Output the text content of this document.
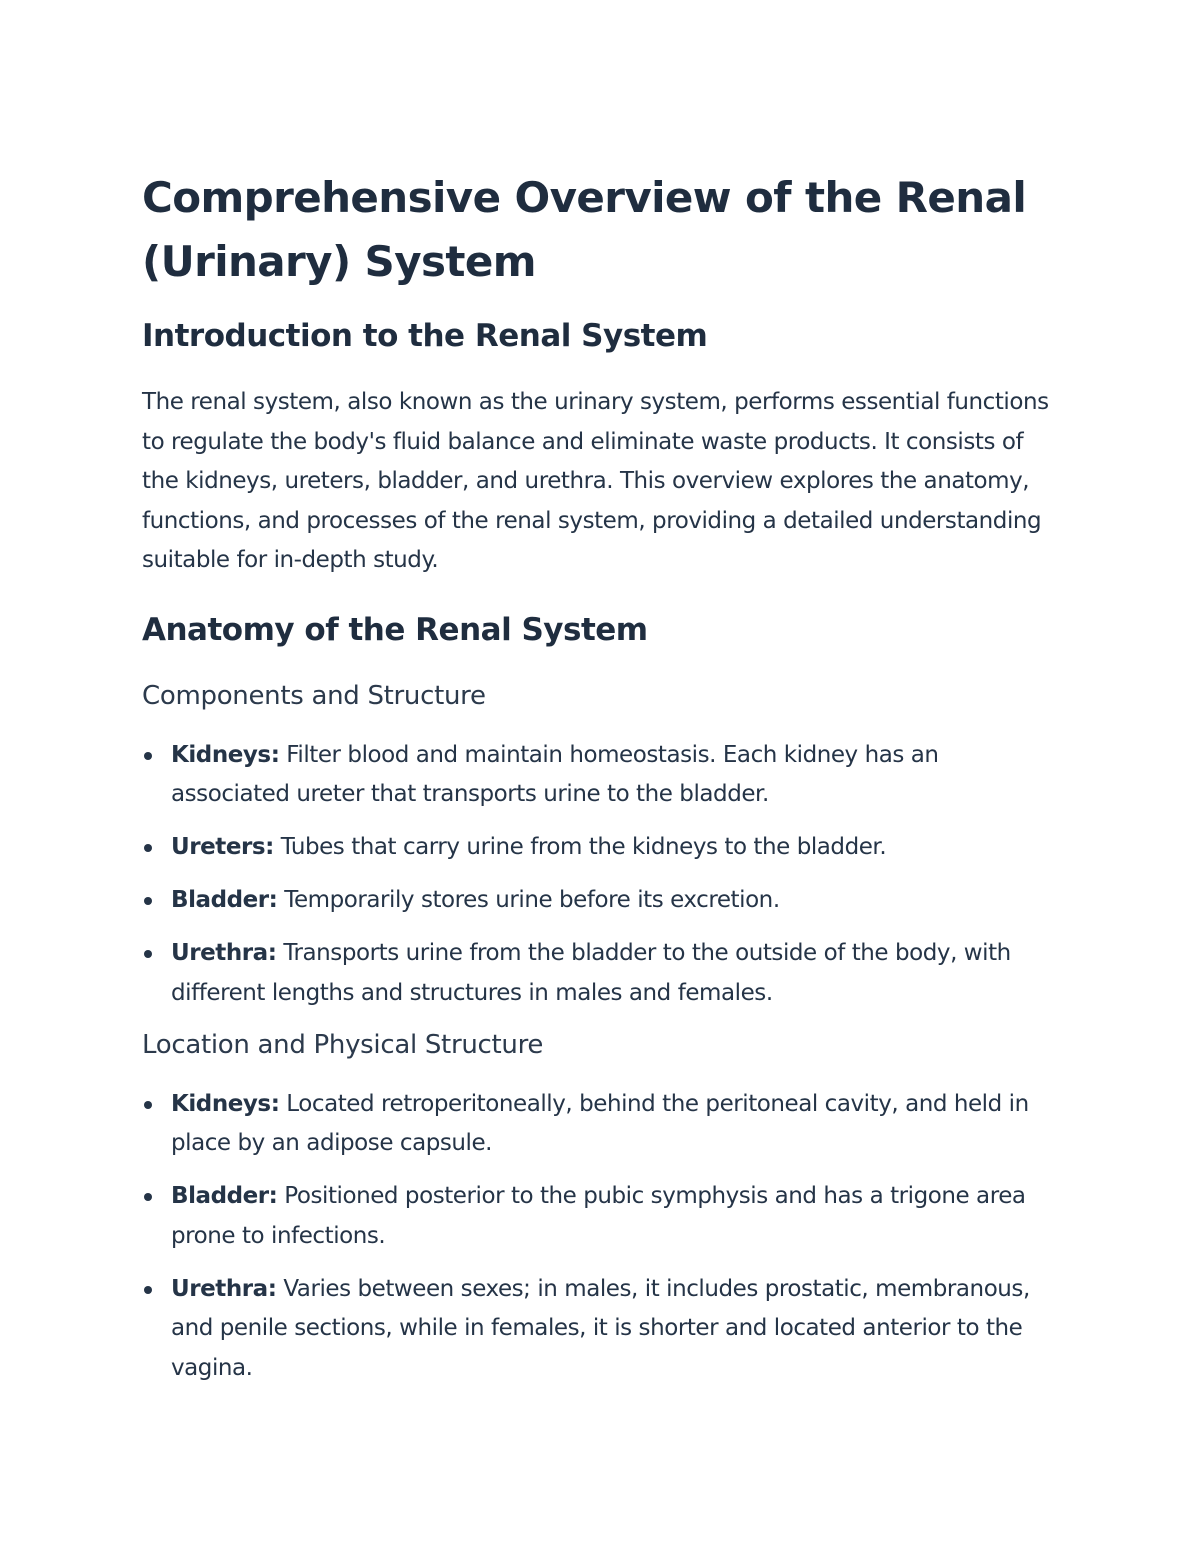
Comprehensive Overview of the Renal (Urinary) System
Introduction to the Renal System

The renal system, also known as the urinary system, performs essential functions to regulate the body's fluid balance and eliminate waste products. It consists of the kidneys, ureters, bladder, and urethra. This overview explores the anatomy, functions, and processes of the renal system, providing a detailed understanding suitable for in-depth study.

Anatomy of the Renal System
Components and Structure
Kidneys: Filter blood and maintain homeostasis. Each kidney has an associated ureter that transports urine to the bladder.
Ureters: Tubes that carry urine from the kidneys to the bladder.
Bladder: Temporarily stores urine before its excretion.
Urethra: Transports urine from the bladder to the outside of the body, with different lengths and structures in males and females.
Location and Physical Structure
Kidneys: Located retroperitoneally, behind the peritoneal cavity, and held in place by an adipose capsule.
Bladder: Positioned posterior to the pubic symphysis and has a trigone area prone to infections.
Urethra: Varies between sexes; in males, it includes prostatic, membranous, and penile sections, while in females, it is shorter and located anterior to the vagina.
